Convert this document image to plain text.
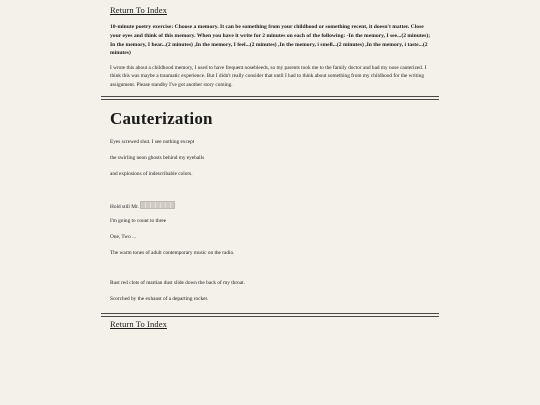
Return To Index

10-minute poetry exercise: Choose a memory. It can be something from your childhood or something recent, it doesn't matter. Close your eyes and think of this memory. When you have it write for 2 minutes on each of the following: -In the memory, I see...(2 minutes); In the memory, I hear...(2 minutes) ,In the memory, I feel...(2 minutes) ,In the memory, i smell...(2 minutes) ,In the memory, i taste...(2 minutes)

I wrote this about a childhood memory, I used to have frequent nosebleeds, so my parents took me to the family doctor and had my nose cauterized. I think this was maybe a traumatic experience. But I didn't really consider that until I had to think about something from my childhood for the writing assignment. Please standby I've got another story coming.

Cauterization
Eyes screwed shut. I see nothing except
the swirling neon ghosts behind my eyeballs
and explosions of indescribable colors.
Hold still Mr.
I'm going to count to three
One, Two ...
The warm tones of adult contemporary music on the radio.
Rust red clots of martian dust slide down the back of my throat.
Scorched by the exhaust of a departing rocket.
Return To Index
